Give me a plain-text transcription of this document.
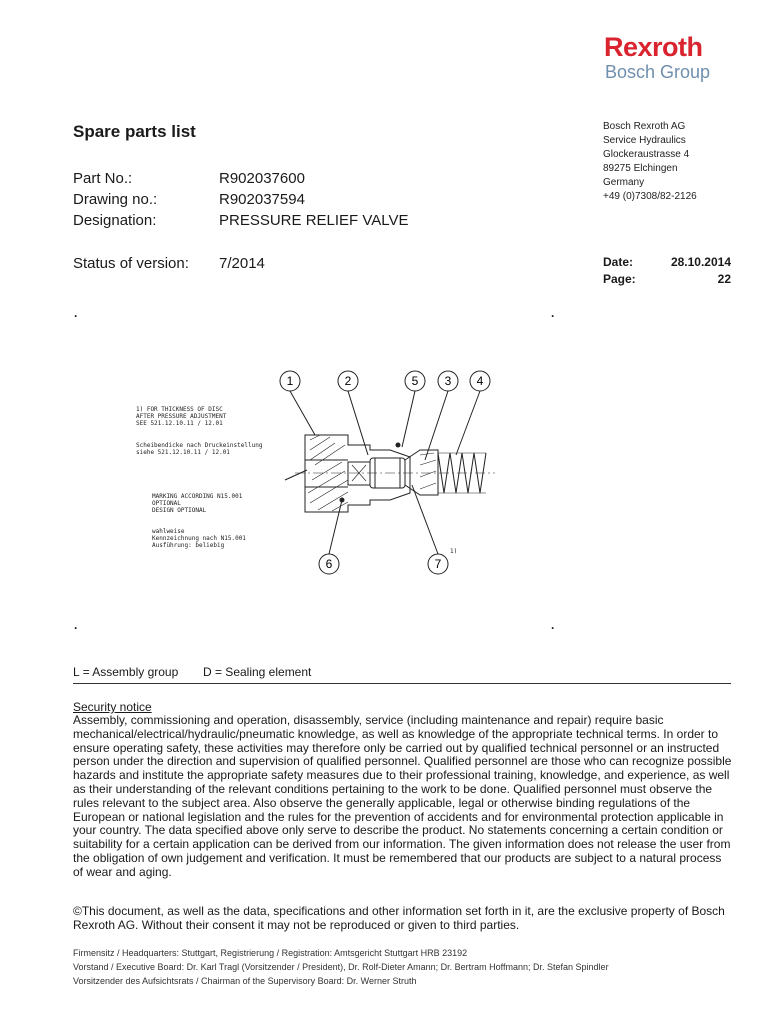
Rexroth
Bosch Group
Spare parts list	Bosch Rexroth AG
Service Hydraulics
Glockeraustrasse 4
89275 Elchingen
Germany
+49 (0)7308/82-2126
Part No.:	R902037600
Drawing no.:	R902037594
Designation:	PRESSURE RELIEF VALVE
Status of version: 7/2014	Date:	28.10.2014
Page:	22
.	.
.	.
1	2	5 3 4
6	7
1)
1) FOR THICKNESS OF DISC
AFTER PRESSURE ADJUSTMENT
SEE 521.12.10.11 / 12.01
Scheibendicke nach Druckeinstellung
siehe 521.12.10.11 / 12.01
MARKING ACCORDING N15.001
OPTIONAL
DESIGN OPTIONAL
wahlweise
Kennzeichnung nach N15.001
Ausführung: beliebig
L = Assembly group D = Sealing element
Security notice
Assembly, commissioning and operation, disassembly, service (including maintenance and repair) require basic mechanical/electrical/hydraulic/pneumatic knowledge, as well as knowledge of the appropriate technical terms. In order to ensure operating safety, these activities may therefore only be carried out by qualified technical personnel or an instructed person under the direction and supervision of qualified personnel. Qualified personnel are those who can recognize possible hazards and institute the appropriate safety measures due to their professional training, knowledge, and experience, as well as their understanding of the relevant conditions pertaining to the work to be done. Qualified personnel must observe the rules relevant to the subject area. Also observe the generally applicable, legal or otherwise binding regulations of the European or national legislation and the rules for the prevention of accidents and for environmental protection applicable in your country. The data specified above only serve to describe the product. No statements concerning a certain condition or suitability for a certain application can be derived from our information. The given information does not release the user from the obligation of own judgement and verification. It must be remembered that our products are subject to a natural process of wear and aging.
©This document, as well as the data, specifications and other information set forth in it, are the exclusive property of Bosch Rexroth AG. Without their consent it may not be reproduced or given to third parties.
Firmensitz / Headquarters: Stuttgart, Registrierung / Registration: Amtsgericht Stuttgart HRB 23192
Vorstand / Executive Board: Dr. Karl Tragl (Vorsitzender / President), Dr. Rolf-Dieter Amann; Dr. Bertram Hoffmann; Dr. Stefan Spindler
Vorsitzender des Aufsichtsrats / Chairman of the Supervisory Board: Dr. Werner Struth
